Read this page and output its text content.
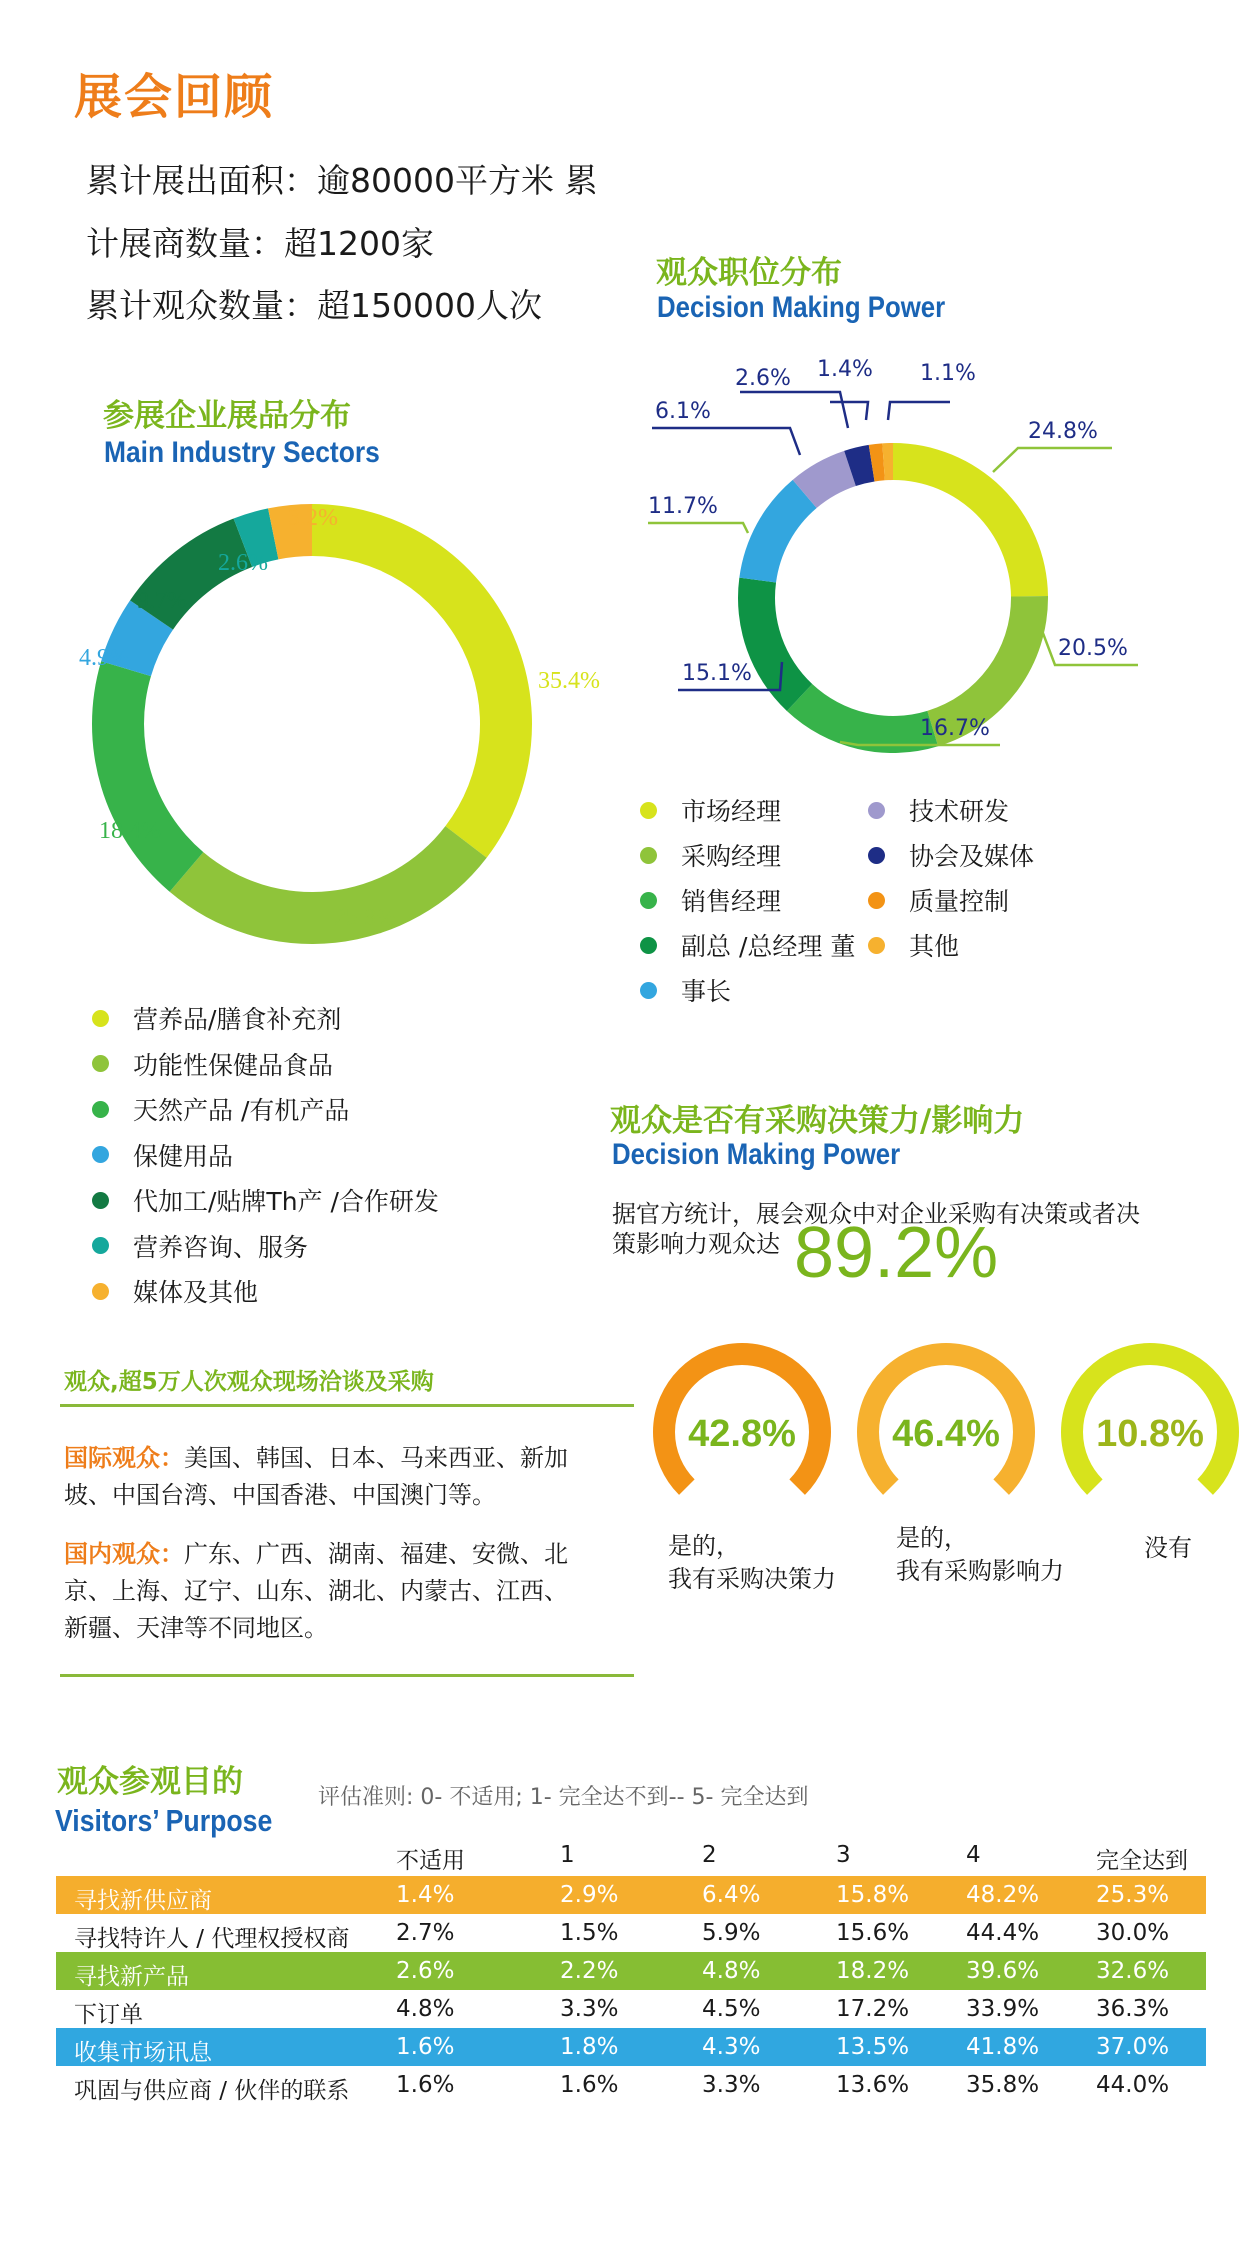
展会回顾
累计展出面积：逾80000平方米 累
计展商数量：超1200家
累计观众数量：超150000人次
参展企业展品分布
Main Industry Sectors
35.4%
25.8%
18.4%
4.9%
9.7%
2.6%
3.2%
营养品/膳食补充剂
功能性保健品食品
天然产品 /有机产品
保健用品
代加工/贴牌Th产 /合作研发
营养咨询、服务
媒体及其他
观众职位分布
Decision Making Power
24.8%
20.5%
16.7%
15.1%
11.7%
6.1%
2.6% 1.4% 1.1%
市场经理
采购经理
销售经理
副总 /总经理 董
事长
技术研发
协会及媒体
质量控制
其他
观众是否有采购决策力/影响力
Decision Making Power
据官方统计，展会观众中对企业采购有决策或者决
策影响力观众达 89.2%
42.8%	46.4%	10.8%
是的，
我有采购决策力
是的，
我有采购影响力
没有
观众,超5万人次观众现场洽谈及采购
国际观众：美国、韩国、日本、马来西亚、新加
坡、中国台湾、中国香港、中国澳门等。
国内观众：广东、广西、湖南、福建、安微、北
京、上海、辽宁、山东、湖北、内蒙古、江西、
新疆、天津等不同地区。
观众参观目的
Visitors’ Purpose
评估准则: 0- 不适用; 1- 完全达不到-- 5- 完全达到
不适用	1	2	3	4	完全达到
寻找新供应商	1.4%	2.9%	6.4%	15.8% 48.2% 25.3%
寻找特许人 / 代理权授权商 2.7%	1.5%	5.9%	15.6% 44.4% 30.0%
寻找新产品	2.6%	2.2%	4.8%	18.2% 39.6% 32.6%
下订单	4.8%	3.3%	4.5%	17.2% 33.9% 36.3%
收集市场讯息	1.6%	1.8%	4.3%	13.5% 41.8% 37.0%
巩固与供应商 / 伙伴的联系 1.6%	1.6%	3.3%	13.6% 35.8% 44.0%
